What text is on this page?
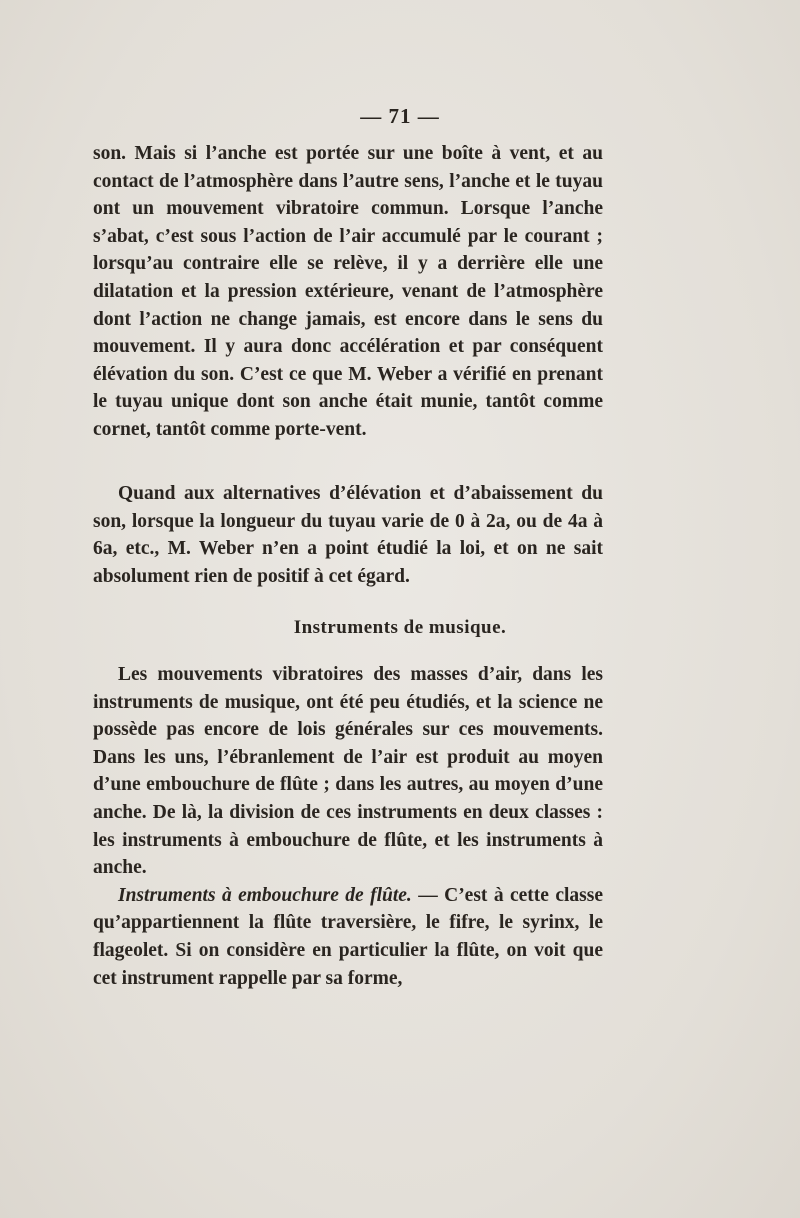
— 71 —

son. Mais si l’anche est portée sur une boîte à vent, et au contact de l’atmosphère dans l’autre sens, l’anche et le tuyau ont un mouvement vibratoire commun. Lorsque l’anche s’abat, c’est sous l’action de l’air accumulé par le courant ; lorsqu’au contraire elle se relève, il y a derrière elle une dilatation et la pression extérieure, venant de l’atmosphère dont l’action ne change jamais, est encore dans le sens du mouvement. Il y aura donc accélération et par conséquent élévation du son. C’est ce que M. Weber a vérifié en prenant le tuyau unique dont son anche était munie, tantôt comme cornet, tantôt comme porte-vent.

Quand aux alternatives d’élévation et d’abaissement du son, lorsque la longueur du tuyau varie de 0 à 2a, ou de 4a à 6a, etc., M. Weber n’en a point étudié la loi, et on ne sait absolument rien de positif à cet égard.

Instruments de musique.

Les mouvements vibratoires des masses d’air, dans les instruments de musique, ont été peu étudiés, et la science ne possède pas encore de lois générales sur ces mouvements. Dans les uns, l’ébranlement de l’air est produit au moyen d’une embouchure de flûte ; dans les autres, au moyen d’une anche. De là, la division de ces instruments en deux classes : les instruments à embouchure de flûte, et les instruments à anche.

Instruments à embouchure de flûte. — C’est à cette classe qu’appartiennent la flûte traversière, le fifre, le syrinx, le flageolet. Si on considère en particulier la flûte, on voit que cet instrument rappelle par sa forme,
